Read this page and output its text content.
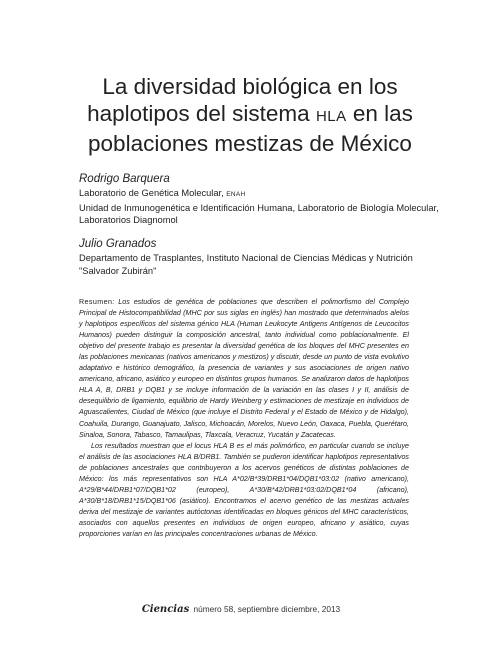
La diversidad biológica en los haplotipos del sistema HLA en las poblaciones mestizas de México

Rodrigo Barquera

Laboratorio de Genética Molecular, ENAH

Unidad de Inmunogenética e Identificación Humana, Laboratorio de Biología Molecular, Laboratorios Diagnomol

Julio Granados

Departamento de Trasplantes, Instituto Nacional de Ciencias Médicas y Nutrición "Salvador Zubirán"

Resumen: Los estudios de genética de poblaciones que describen el polimorfismo del Complejo Principal de Histocompatibilidad (MHC por sus siglas en inglés) han mostrado que determinados alelos y haplotipos específicos del sistema génico HLA (Human Leukocyte Antigens Antígenos de Leucocitos Humanos) pueden distinguir la composición ancestral, tanto individual como poblacionalmente. El objetivo del presente trabajo es presentar la diversidad genética de los bloques del MHC presentes en las poblaciones mexicanas (nativos americanos y mestizos) y discutir, desde un punto de vista evolutivo adaptativo e histórico demográfico, la presencia de variantes y sus asociaciones de origen nativo americano, africano, asiático y europeo en distintos grupos humanos. Se analizaron datos de haplotipos HLA A, B, DRB1 y DQB1 y se incluye información de la variación en las clases I y II, análisis de desequilibrio de ligamiento, equilibrio de Hardy Weinberg y estimaciones de mestizaje en individuos de Aguascalientes, Ciudad de México (que incluye el Distrito Federal y el Estado de México y de Hidalgo), Coahuila, Durango, Guanajuato, Jalisco, Michoacán, Morelos, Nuevo León, Oaxaca, Puebla, Querétaro, Sinaloa, Sonora, Tabasco, Tamaulipas, Tlaxcala, Veracruz, Yucatán y Zacatecas.

Los resultados muestran que el locus HLA B es el más polimórfico, en particular cuando se incluye el análisis de las asociaciones HLA B/DRB1. También se pudieron identificar haplotipos representativos de poblaciones ancestrales que contribuyeron a los acervos genéticos de distintas poblaciones de México: los más representativos son HLA A*02/B*39/DRB1*04/DQB1*03:02 (nativo americano), A*29/B*44/DRB1*07/DQB1*02 (europeo), A*30/B*42/DRB1*03:02/DQB1*04 (africano), A*30/B*18/DRB1*15/DQB1*06 (asiático). Encontramos el acervo genético de las mestizas actuales deriva del mestizaje de variantes autóctonas identificadas en bloques génicos del MHC característicos, asociados con aquellos presentes en individuos de origen europeo, africano y asiático, cuyas proporciones varían en las principales concentraciones urbanas de México.

Ciencias número 58, septiembre diciembre, 2013
